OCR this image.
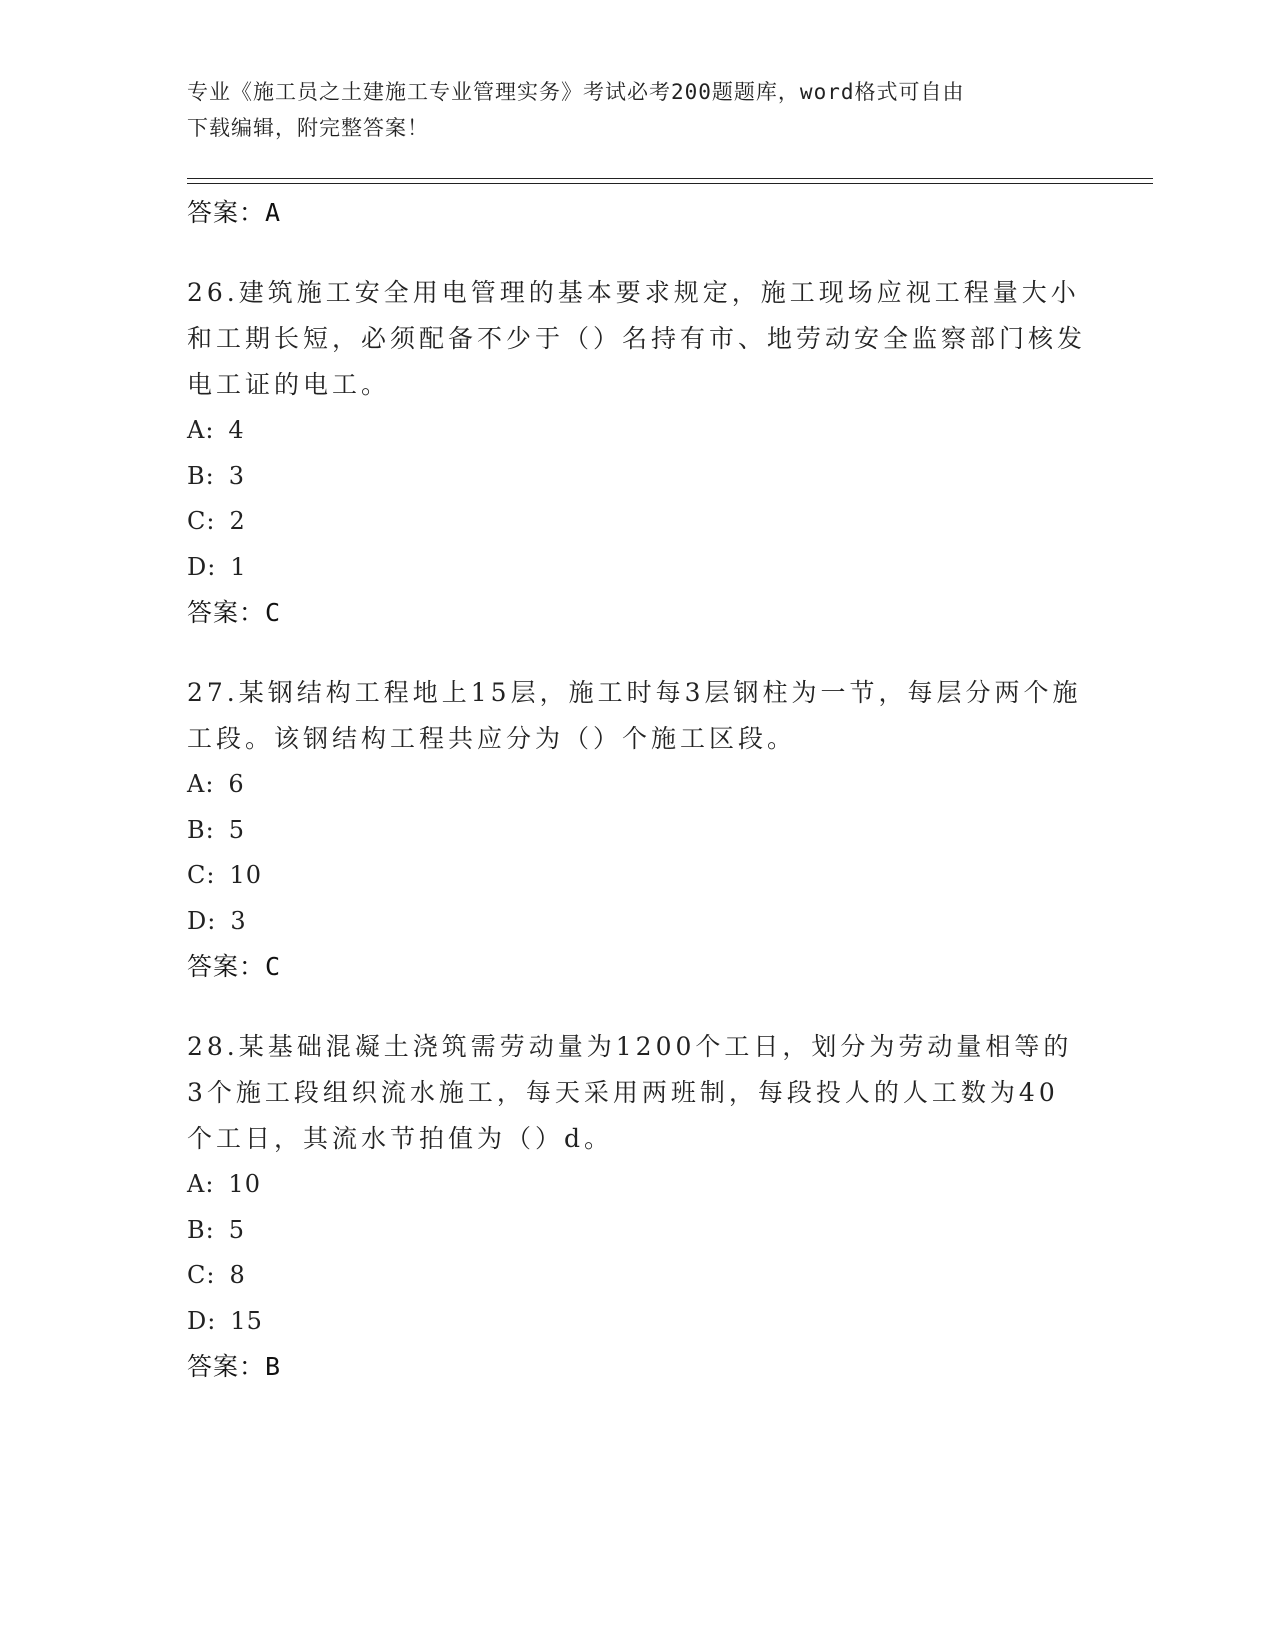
专业《施工员之土建施工专业管理实务》考试必考200题题库，word格式可自由
下载编辑，附完整答案！
答案：A
26.建筑施工安全用电管理的基本要求规定，施工现场应视工程量大小和工期长短，必须配备不少于（）名持有市、地劳动安全监察部门核发电工证的电工。
A: 4
B: 3
C: 2
D: 1
答案：C
27.某钢结构工程地上15层，施工时每3层钢柱为一节，每层分两个施工段。该钢结构工程共应分为（）个施工区段。
A: 6
B: 5
C: 10
D: 3
答案：C
28.某基础混凝土浇筑需劳动量为1200个工日，划分为劳动量相等的3个施工段组织流水施工，每天采用两班制，每段投人的人工数为40个工日，其流水节拍值为（）d。
A: 10
B: 5
C: 8
D: 15
答案：B
